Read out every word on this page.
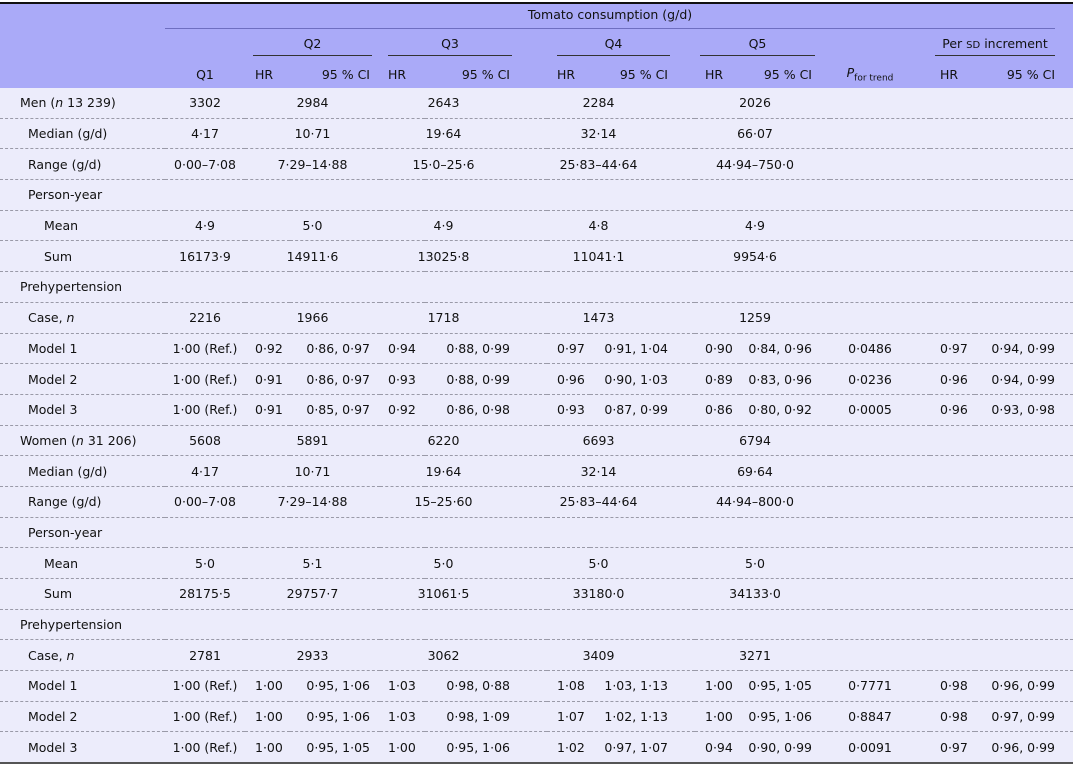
	Tomato consumption (g/d)											

		Q2		Q3		Q4		Q5			Per SD increment	

	Q1	HR	95 % CI	HR	95 % CI	HR	95 % CI	HR	95 % CI	$P_{for trend}$	HR	95 % CI
Men (n 13 239)	3302	2984		2643		2284		2026				
Median (g/d)	4·17	10·71		19·64		32·14		66·07				
Range (g/d)	0·00–7·08	7·29–14·88		15·0–25·6		25·83–44·64		44·94–750·0				
Person-year												
Mean	4·9	5·0		4·9		4·8		4·9				
Sum	16173·9	14911·6		13025·8		11041·1		9954·6				
Prehypertension												
Case, n	2216	1966		1718		1473		1259				
Model 1	1·00 (Ref.)	0·92	0·86, 0·97	0·94	0·88, 0·99	0·97	0·91, 1·04	0·90	0·84, 0·96	0·0486	0·97	0·94, 0·99
Model 2	1·00 (Ref.)	0·91	0·86, 0·97	0·93	0·88, 0·99	0·96	0·90, 1·03	0·89	0·83, 0·96	0·0236	0·96	0·94, 0·99
Model 3	1·00 (Ref.)	0·91	0·85, 0·97	0·92	0·86, 0·98	0·93	0·87, 0·99	0·86	0·80, 0·92	0·0005	0·96	0·93, 0·98
Women (n 31 206)	5608	5891		6220		6693		6794				
Median (g/d)	4·17	10·71		19·64		32·14		69·64				
Range (g/d)	0·00–7·08	7·29–14·88		15–25·60		25·83–44·64		44·94–800·0				
Person-year												
Mean	5·0	5·1		5·0		5·0		5·0				
Sum	28175·5	29757·7		31061·5		33180·0		34133·0				
Prehypertension												
Case, n	2781	2933		3062		3409		3271				
Model 1	1·00 (Ref.)	1·00	0·95, 1·06	1·03	0·98, 0·88	1·08	1·03, 1·13	1·00	0·95, 1·05	0·7771	0·98	0·96, 0·99
Model 2	1·00 (Ref.)	1·00	0·95, 1·06	1·03	0·98, 1·09	1·07	1·02, 1·13	1·00	0·95, 1·06	0·8847	0·98	0·97, 0·99
Model 3	1·00 (Ref.)	1·00	0·95, 1·05	1·00	0·95, 1·06	1·02	0·97, 1·07	0·94	0·90, 0·99	0·0091	0·97	0·96, 0·99
